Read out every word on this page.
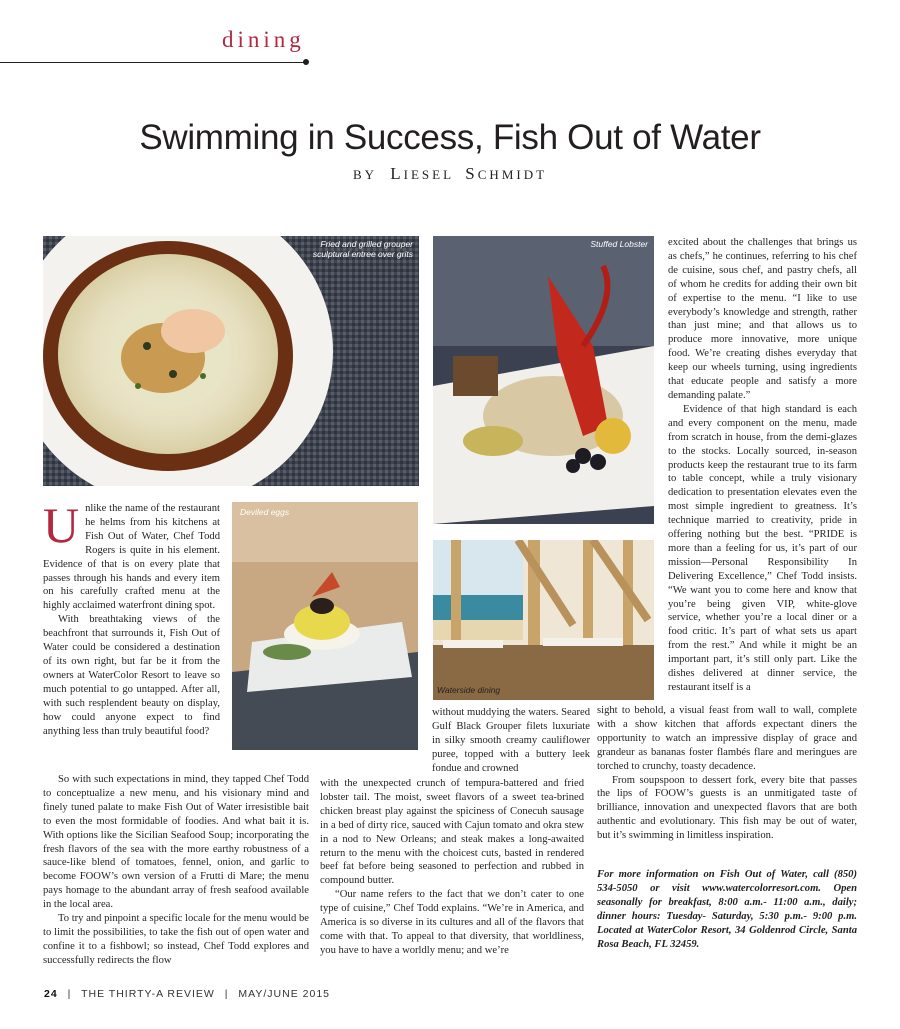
dining
Swimming in Success, Fish Out of Water
BY LIESEL SCHMIDT
Fried and grilled grouper
sculptural entree over grits
Stuffed Lobster
Deviled eggs
Waterside dining

Unlike the name of the restaurant he helms from his kitchens at Fish Out of Water, Chef Todd Rogers is quite in his element. Evidence of that is on every plate that passes through his hands and every item on his carefully crafted menu at the highly acclaimed waterfront dining spot.

With breathtaking views of the beachfront that surrounds it, Fish Out of Water could be considered a destination of its own right, but far be it from the owners at WaterColor Resort to leave so much potential to go untapped. After all, with such resplendent beauty on display, how could anyone expect to find anything less than truly beautiful food?

So with such expectations in mind, they tapped Chef Todd to conceptualize a new menu, and his visionary mind and finely tuned palate to make Fish Out of Water irresistible bait to even the most formidable of foodies. And what bait it is. With options like the Sicilian Seafood Soup; incorporating the fresh flavors of the sea with the more earthy robustness of a sauce-like blend of tomatoes, fennel, onion, and garlic to become FOOW’s own version of a Frutti di Mare; the menu pays homage to the abundant array of fresh seafood available in the local area.

To try and pinpoint a specific locale for the menu would be to limit the possibilities, to take the fish out of open water and confine it to a fishbowl; so instead, Chef Todd explores and successfully redirects the flow

without muddying the waters. Seared Gulf Black Grouper filets luxuriate in silky smooth creamy cauliflower puree, topped with a buttery leek fondue and crowned

with the unexpected crunch of tempura-battered and fried lobster tail. The moist, sweet flavors of a sweet tea-brined chicken breast play against the spiciness of Conecuh sausage in a bed of dirty rice, sauced with Cajun tomato and okra stew in a nod to New Orleans; and steak makes a long-awaited return to the menu with the choicest cuts, basted in rendered beef fat before being seasoned to perfection and rubbed in compound butter.

“Our name refers to the fact that we don’t cater to one type of cuisine,” Chef Todd explains. “We’re in America, and America is so diverse in its cultures and all of the flavors that come with that. To appeal to that diversity, that worldliness, you have to have a worldly menu; and we’re

excited about the challenges that brings us as chefs,” he continues, referring to his chef de cuisine, sous chef, and pastry chefs, all of whom he credits for adding their own bit of expertise to the menu. “I like to use everybody’s knowledge and strength, rather than just mine; and that allows us to produce more innovative, more unique food. We’re creating dishes everyday that keep our wheels turning, using ingredients that educate people and satisfy a more demanding palate.”

Evidence of that high standard is each and every component on the menu, made from scratch in house, from the demi-glazes to the stocks. Locally sourced, in-season products keep the restaurant true to its farm to table concept, while a truly visionary dedication to presentation elevates even the most simple ingredient to greatness. It’s technique married to creativity, pride in offering nothing but the best. “PRIDE is more than a feeling for us, it’s part of our mission—Personal Responsibility In Delivering Excellence,” Chef Todd insists. “We want you to come here and know that you’re being given VIP, white-glove service, whether you’re a local diner or a food critic. It’s part of what sets us apart from the rest.” And while it might be an important part, it’s still only part. Like the dishes delivered at dinner service, the restaurant itself is a

sight to behold, a visual feast from wall to wall, complete with a show kitchen that affords expectant diners the opportunity to watch an impressive display of grace and grandeur as bananas foster flambés flare and meringues are torched to crunchy, toasty decadence.

From soupspoon to dessert fork, every bite that passes the lips of FOOW’s guests is an unmitigated taste of brilliance, innovation and unexpected flavors that are both authentic and evolutionary. This fish may be out of water, but it’s swimming in limitless inspiration.

For more information on Fish Out of Water, call (850) 534-5050 or visit www.watercolorresort.com. Open seasonally for breakfast, 8:00 a.m.- 11:00 a.m., daily; dinner hours: Tuesday- Saturday, 5:30 p.m.- 9:00 p.m. Located at WaterColor Resort, 34 Goldenrod Circle, Santa Rosa Beach, FL 32459.
24 | THE THIRTY-A REVIEW | MAY/JUNE 2015
